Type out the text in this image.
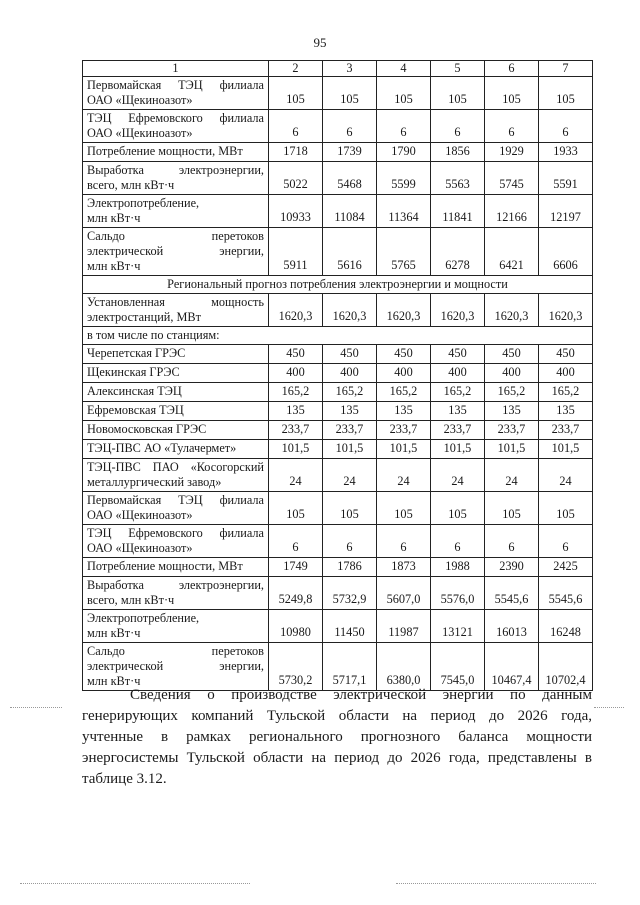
95
1	2	3	4	5	6	7

Первомайская ТЭЦ филиала
ОАО «Щекиноазот»	105	105	105	105	105	105

ТЭЦ Ефремовского филиала
ОАО «Щекиноазот»	6	6	6	6	6	6

Потребление мощности, МВт	1718	1739	1790	1856	1929	1933

Выработка электроэнергии,
всего, млн кВт·ч	5022	5468	5599	5563	5745	5591

Электропотребление,
млн кВт·ч	10933	11084	11364	11841	12166	12197

Сальдо перетоков
электрической энергии,
млн кВт·ч	5911	5616	5765	6278	6421	6606
Региональный прогноз потребления электроэнергии и мощности						

Установленная мощность
электростанций, МВт	1620,3	1620,3	1620,3	1620,3	1620,3	1620,3
в том числе по станциям:						

Черепетская ГРЭС	450	450	450	450	450	450

Щекинская ГРЭС	400	400	400	400	400	400

Алексинская ТЭЦ	165,2	165,2	165,2	165,2	165,2	165,2

Ефремовская ТЭЦ	135	135	135	135	135	135

Новомосковская ГРЭС	233,7	233,7	233,7	233,7	233,7	233,7

ТЭЦ-ПВС АО «Тулачермет»	101,5	101,5	101,5	101,5	101,5	101,5

ТЭЦ-ПВС ПАО «Косогорский
металлургический завод»	24	24	24	24	24	24

Первомайская ТЭЦ филиала
ОАО «Щекиноазот»	105	105	105	105	105	105

ТЭЦ Ефремовского филиала
ОАО «Щекиноазот»	6	6	6	6	6	6

Потребление мощности, МВт	1749	1786	1873	1988	2390	2425

Выработка электроэнергии,
всего, млн кВт·ч	5249,8	5732,9	5607,0	5576,0	5545,6	5545,6

Электропотребление,
млн кВт·ч	10980	11450	11987	13121	16013	16248

Сальдо перетоков
электрической энергии,
млн кВт·ч	5730,2	5717,1	6380,0	7545,0	10467,4	10702,4
Сведения о производстве электрической энергии по данным
генерирующих компаний Тульской области на период до 2026 года,
учтенные в рамках регионального прогнозного баланса мощности
энергосистемы Тульской области на период до 2026 года, представлены в
таблице 3.12.
